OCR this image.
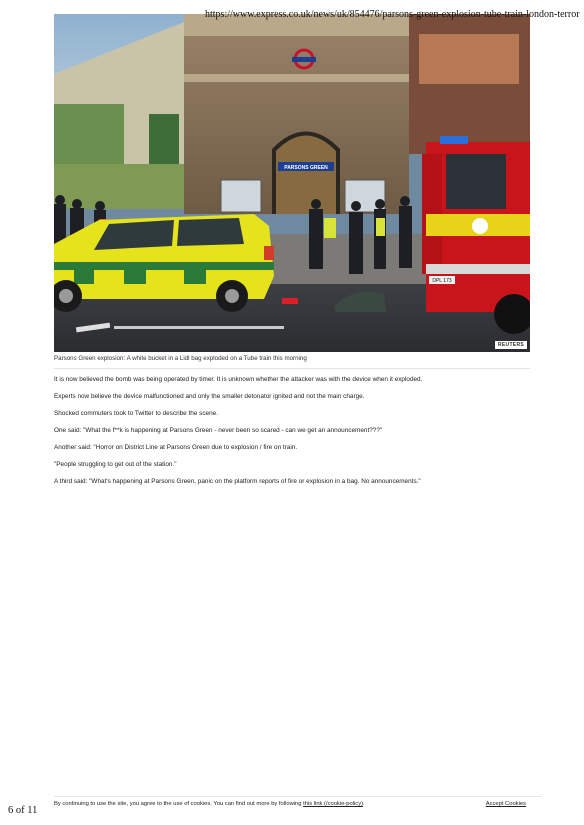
https://www.express.co.uk/news/uk/854476/parsons-green-explosion-tube-train-london-terror
PARSONS GREEN
DPL 173
REUTERS
Parsons Green explosion: A white bucket in a Lidl bag exploded on a Tube train this morning

It is now believed the bomb was being operated by timer. It is unknown whether the attacker was with the device when it exploded.

Experts now believe the device malfunctioned and only the smaller detonator ignited and not the main charge.

Shocked commuters took to Twitter to describe the scene.

One said: "What the f**k is happening at Parsons Green - never been so scared - can we get an announcement???"

Another said: "Horror on District Line at Parsons Green due to explosion / fire on train.

"People struggling to get out of the station."

A third said: "What's happening at Parsons Green, panic on the platform reports of fire or explosion in a bag. No announcements."

By continuing to use the site, you agree to the use of cookies. You can find out more by following this link (/cookie-policy).	Accept Cookies
6 of 11
